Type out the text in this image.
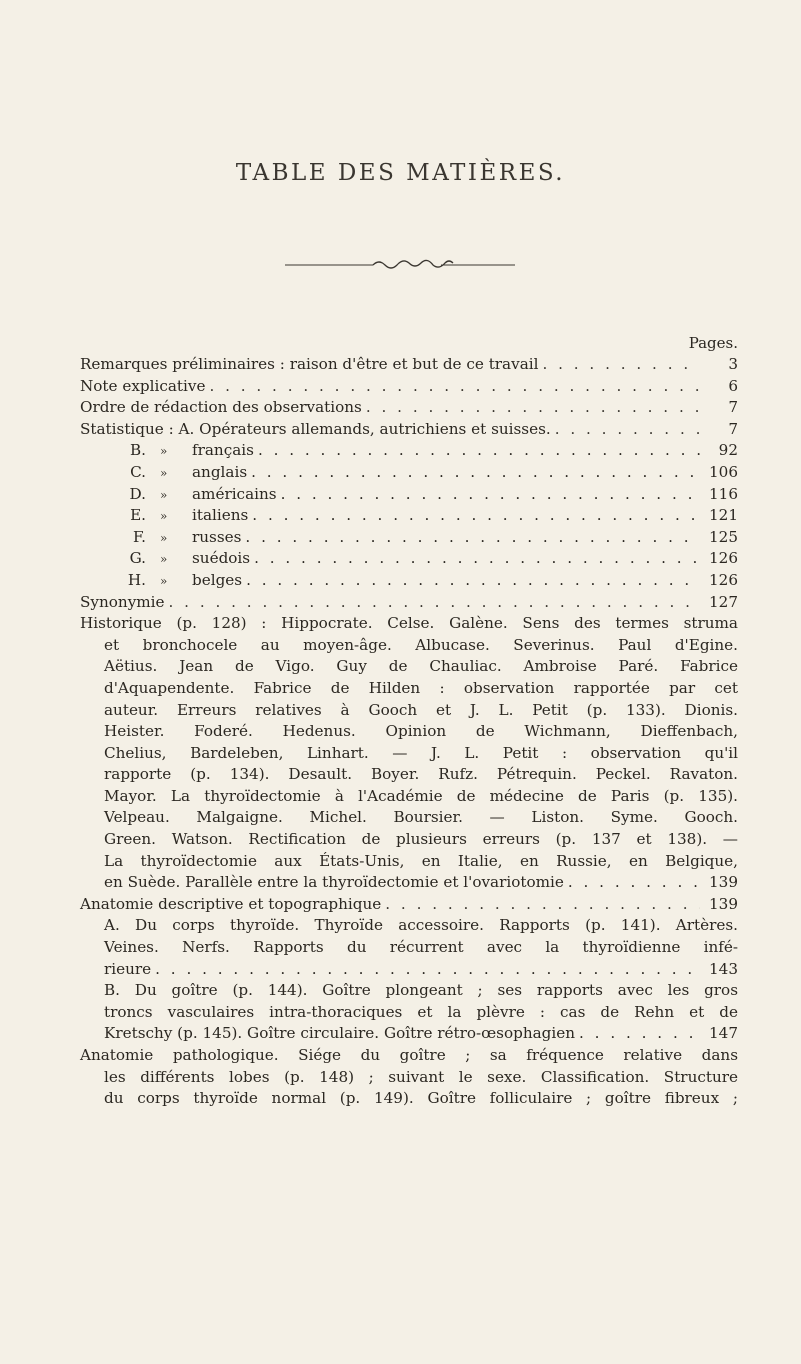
TABLE DES MATIÈRES.
Pages.
Remarques préliminaires : raison d'être et but de ce travail . . .	3
Note explicative . . .	6
Ordre de rédaction des observations . . .	7
Statistique : A. Opérateurs allemands, autrichiens et suisses. . . .	7
B.	»	français . . .	92
C.	»	anglais . . .	106
D.	»	américains . . .	116
E.	»	italiens . . .	121
F.	»	russes . . .	125
G.	»	suédois . . .	126
H.	»	belges . . .	126
Synonymie . . .	127
Historique (p. 128) : Hippocrate. Celse. Galène. Sens des termes struma
et bronchocele au moyen-âge. Albucase. Severinus. Paul d'Egine.
Aëtius. Jean de Vigo. Guy de Chauliac. Ambroise Paré. Fabrice
d'Aquapendente. Fabrice de Hilden : observation rapportée par cet
auteur. Erreurs relatives à Gooch et J. L. Petit (p. 133). Dionis.
Heister. Foderé. Hedenus. Opinion de Wichmann, Dieffenbach,
Chelius, Bardeleben, Linhart. — J. L. Petit : observation qu'il
rapporte (p. 134). Desault. Boyer. Rufz. Pétrequin. Peckel. Ravaton.
Mayor. La thyroïdectomie à l'Académie de médecine de Paris (p. 135).
Velpeau. Malgaigne. Michel. Boursier. — Liston. Syme. Gooch.
Green. Watson. Rectification de plusieurs erreurs (p. 137 et 138). —
La thyroïdectomie aux États-Unis, en Italie, en Russie, en Belgique,
en Suède. Parallèle entre la thyroïdectomie et l'ovariotomie . . .	139
Anatomie descriptive et topographique . . .	139
A. Du corps thyroïde. Thyroïde accessoire. Rapports (p. 141). Artères.
Veines. Nerfs. Rapports du récurrent avec la thyroïdienne infé-
rieure . . .	143
B. Du goître (p. 144). Goître plongeant ; ses rapports avec les gros
troncs vasculaires intra-thoraciques et la plèvre : cas de Rehn et de
Kretschy (p. 145). Goître circulaire. Goître rétro-œsophagien . . .	147
Anatomie pathologique. Siége du goître ; sa fréquence relative dans
les différents lobes (p. 148) ; suivant le sexe. Classification. Structure
du corps thyroïde normal (p. 149). Goître folliculaire ; goître fibreux ;
